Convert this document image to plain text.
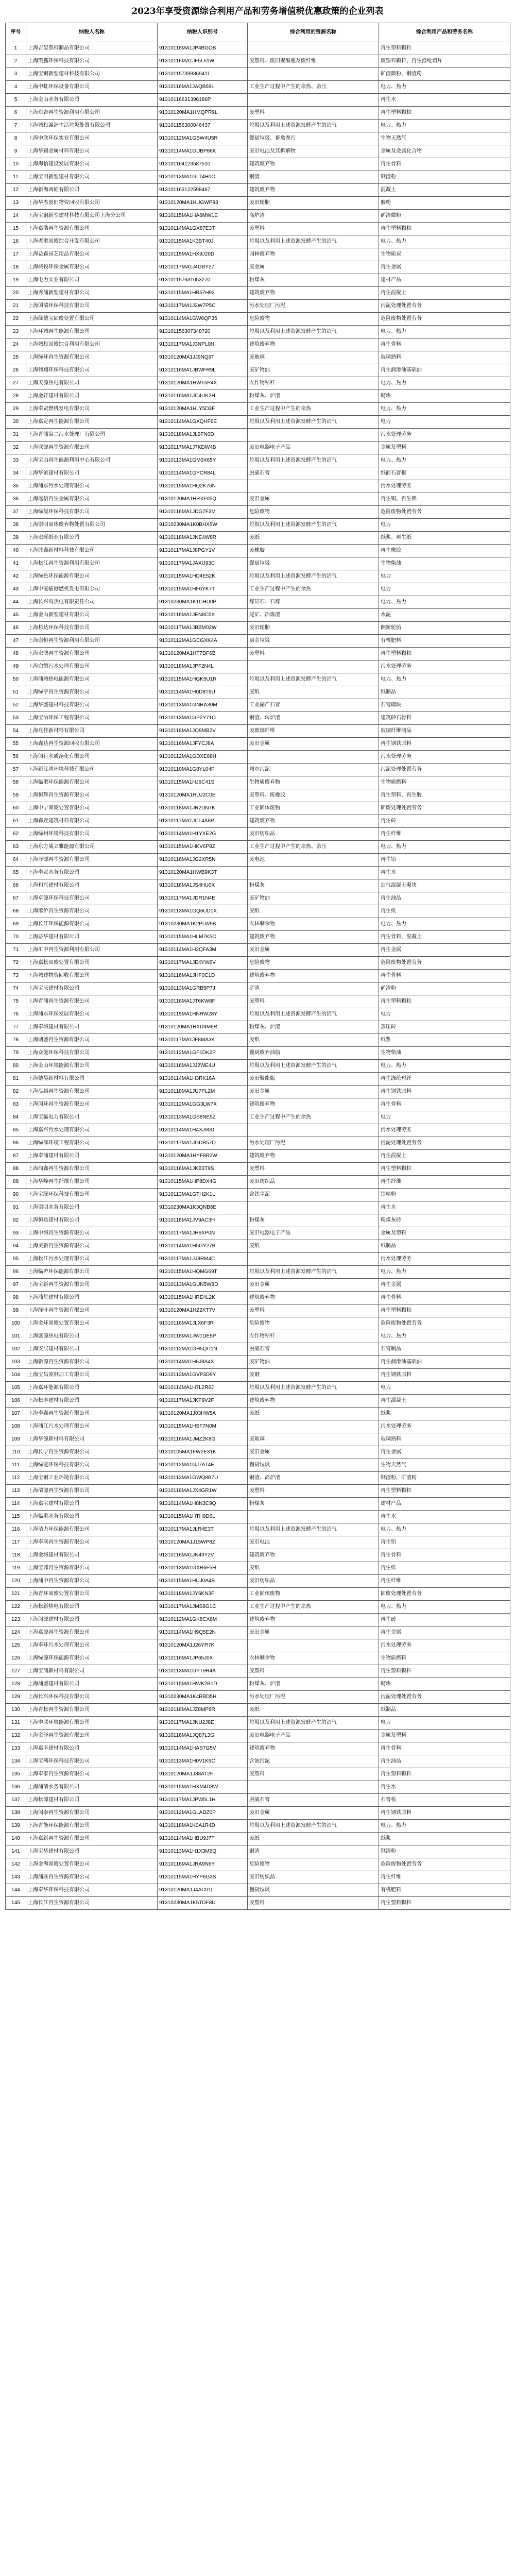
2023年享受资源综合利用产品和劳务增值税优惠政策的企业列表
序号	纳税人名称	纳税人识别号	综合利用的资源名称	综合利用产品和劳务名称
1	上海吉玺塑料制品有限公司	91310118MA1JP4BGOB		再生塑料颗粒
2	上海凯矗环保科技有限公司	91310116MA1JF5L61W	废塑料、废旧聚酯瓶及废纤维	废塑料颗粒、再生涤纶切片
3	上海宝钢新型建材科技有限公司	913101157398869411		矿渣微粉、钢渣粉
4	上海申虹环保设备有限公司	91310116MA1JAQB59L	工业生产过程中产生的余热、余压	电力、热力
5	上海金山水务有限公司	91310116631396186P		再生水
6	上海东吉再生资源利用有限公司	91310120MA1HMQPR9L	废塑料	再生塑料颗粒
7	上海城投瀛洲生活垃圾处置有限公司	913101156300046437	垃圾以及利用上述资源发酵产生的沼气	电力、热力
8	上海申欣环保实业有限公司	91310112MA1GBW4U5R	餐厨垃圾、畜禽粪污	生物天然气
9	上海华锡金属材料有限公司	91310114MA1GUBP86K	废旧电池及其拆解物	金属及金属化合物
10	上海海怡建设发展有限公司	913101164123587510	建筑废弃物	再生骨料
11	上海宝田新型建材有限公司	91310113MA1GLT4H0C	钢渣	钢渣粉
12	上海新海商砼有限公司	913101163122598467	建筑废弃物	混凝土
13	上海华杰废旧物资回收有限公司	91310120MA1HUGWP93	废旧轮胎	胶粉
14	上海宝钢新型建材科技有限公司上海分公司	91310115MA1HA6MW1E	高炉渣	矿渣微粉
15	上海嘉浩再生资源有限公司	91310114MA1GX87E3T	废塑料	再生塑料颗粒
16	上海老港固废综合开发有限公司	91310115MA1K3BT40J	垃圾以及利用上述资源发酵产生的沼气	电力、热力
17	上海益森园艺用品有限公司	91310115MA1HX9J20D	园林废弃物	生物质炭
18	上海城投环保金属有限公司	91310117MA1J4GBY27	废金属	再生金属
19	上海电力实业有限公司	913101157631053270	粉煤灰	建材产品
20	上海秀浦新型建材有限公司	91310115MA1HB57H92	建筑废弃物	再生混凝土
21	上海国清环保科技有限公司	91310117MA1J2W7P5C	污水处理厂污泥	污泥处理处置劳务
22	上海绿德宝固废处置有限公司	91310114MA1GW6QP35	危险废物	危险废物处置劳务
23	上海环城再生能源有限公司	913101156307348720	垃圾以及利用上述资源发酵产生的沼气	电力、热力
24	上海城投固废综合利用有限公司	91310117MA1J3NPL0H	建筑废弃物	再生骨料
25	上海绿环再生资源有限公司	91310120MA1JJ9NQ9T	废玻璃	玻璃熟料
26	上海伟翔环保科技有限公司	91310116MA1JBWFR9L	废矿物油	再生润滑油基础油
27	上海天源热电有限公司	91310120MA1HWT5P4X	农作物秸秆	电力、热力
28	上海金轩建材有限公司	91310116MA1JC4UK2H	粉煤灰、炉渣	砌块
29	上海奉贤燃机发电有限公司	91310120MA1HLY5D3F	工业生产过程中产生的余热	电力、热力
30	上海嘉定再生能源有限公司	91310114MA1GXQHF6E	垃圾以及利用上述资源发酵产生的沼气	电力
31	上海青浦第二污水处理厂有限公司	91310118MA1JL9FN0D		污水处理劳务
32	上海联源再生资源有限公司	91310117MA1J7KDW4B	废旧电器电子产品	金属及塑料
33	上海宝山再生能源利用中心有限公司	91310113MA1GM0X65Y	垃圾以及利用上述资源发酵产生的沼气	电力、热力
34	上海华谊建材有限公司	91310114MA1GYCR84L	脱硫石膏	纸面石膏板
35	上海浦东污水处理有限公司	91310115MA1HQ2K76N		污水处理劳务
36	上海远信再生金属有限公司	91310120MA1HRXF05Q	废旧金属	再生铜、再生铝
37	上海绿晟环保科技有限公司	91310116MA1JDG7F3M	危险废物	危险废物处置劳务
38	上海崇明固体废弃物处置有限公司	91310230MA1K0BHX5W	垃圾以及利用上述资源发酵产生的沼气	电力
39	上海宏晖纸业有限公司	91310118MA1JNE4W8R	废纸	纸浆、再生纸
40	上海胜鑫新材料科技有限公司	91310117MA1J8PGY1V	废橡胶	再生橡胶
41	上海松江再生资源利用有限公司	91310117MA1JAXU93C	餐厨垃圾	生物柴油
42	上海绿色环保能源有限公司	91310115MA1HD4E52K	垃圾以及利用上述资源发酵产生的沼气	电力
43	上海申能临港燃机发电有限公司	91310115MA1HF6YK7T	工业生产过程中产生的余热	电力
44	上海长兴岛热电有限责任公司	91310230MA1K1CHU0P	煤矸石、石煤	电力、热力
45	上海金山新型建材有限公司	91310116MA1JEN8C5X	尾矿、冶炼渣	水泥
46	上海杉达环保科技有限公司	91310117MA1JBBM02W	废旧轮胎	翻新轮胎
47	上海康恒再生资源利用有限公司	91310112MA1GCGXK4A	厨余垃圾	有机肥料
48	上海宏澳再生资源有限公司	91310120MA1HT7DF6B	废塑料	再生塑料颗粒
49	上海白鹤污水处理有限公司	91310118MA1JPF2N4L		污水处理劳务
50	上海浦城热电能源有限公司	91310115MA1HGK5U1R	垃圾以及利用上述资源发酵产生的沼气	电力、热力
51	上海绿宇再生资源有限公司	91310114MA1H0D8T9U	废纸	纸制品
52	上海华盛建材科技有限公司	91310113MA1GNRA30M	工业副产石膏	石膏砌块
53	上海宝冶环保工程有限公司	91310113MA1GP2Y71Q	钢渣、转炉渣	建筑砂石骨料
54	上海兆佳新材料有限公司	91310118MA1JQ9MB2V	废玻璃纤维	玻璃纤维制品
55	上海鑫达再生资源回收有限公司	91310116MA1JFYCJ8A	废旧金属	再生钢铁原料
56	上海闵行水质净化有限公司	91310112MA1GDXE68H		污水处理劳务
57	上海新江湾环境科技有限公司	91310110MA1G8YL04F	城市污泥	污泥处理处置劳务
58	上海临港环保能源有限公司	91310115MA1HJ6C41S	生物质废弃物	生物质燃料
59	上海恒辉再生资源有限公司	91310120MA1HUJ2C0E	废塑料、废橡胶	再生塑料、再生胶
60	上海申宁固废处置有限公司	91310118MA1JR2DN7K	工业固体废物	固废处理处置劳务
61	上海森垚建筑材料有限公司	91310117MA1JCL4A6P	建筑废弃物	再生砖
62	上海绿州环境科技有限公司	91310114MA1H1YXE2G	废旧纺织品	再生纤维
63	上海东方威立雅能源有限公司	91310115MA1HKV6P8Z	工业生产过程中产生的余热、余压	电力、热力
64	上海泽源再生资源有限公司	91310116MA1JG2XR5N	废电池	再生铅
65	上海奉贤水务有限公司	91310120MA1HWB9K3T		再生水
66	上海和兴建材有限公司	91310118MA1JS4HU0X	粉煤灰	加气混凝土砌块
67	上海卓源环保科技有限公司	91310117MA1JDR1N4E	废矿物油	再生油品
68	上海淞沪再生资源有限公司	91310113MA1GQ6UD1X	废纸	再生纸
69	上海长江环保能源有限公司	91310230MA1K2PLW9B	农林剩余物	电力、热力
70	上海益华建材有限公司	91310115MA1HLM7K5C	建筑废弃物	再生骨料、混凝土
71	上海汇中再生资源利用有限公司	91310114MA1H2QFA3M	废旧金属	再生金属
72	上海嘉松固废处置有限公司	91310117MA1JE4YW6V	危险废物	危险废物处置劳务
73	上海城建物资回收有限公司	91310116MA1JHF0C1D	建筑废弃物	再生骨料
74	上海宝庆建材有限公司	91310113MA1GRB5P7J	矿渣	矿渣粉
75	上海青浦再生资源有限公司	91310118MA1JT6KW8F	废塑料	再生塑料颗粒
76	上海浦东环保发展有限公司	91310115MA1HNRW28Y	垃圾以及利用上述资源发酵产生的沼气	电力
77	上海奉城建材有限公司	91310120MA1HXD3M6R	粉煤灰、炉渣	蒸压砖
78	上海鼎盛再生资源有限公司	91310117MA1JF8MA3K	废纸	纸浆
79	上海众能环保科技有限公司	91310112MA1GF1DK2P	餐厨废弃油脂	生物柴油
80	上海金山环境能源有限公司	91310116MA1JJ2WE4U	垃圾以及利用上述资源发酵产生的沼气	电力、热力
81	上海德昊新材料有限公司	91310114MA1H3RK16A	废旧聚酯瓶	再生涤纶短纤
82	上海泓裕再生资源有限公司	91310118MA1JU7PL2M	废旧金属	再生钢铁原料
83	上海闵环再生资源有限公司	91310112MA1GG3LW7X	建筑废弃物	再生骨料
84	上海宝临电力有限公司	91310113MA1GS8NE5Z	工业生产过程中产生的余热	电力
85	上海嘉兴污水处理有限公司	91310114MA1H4XJ90D		污水处理劳务
86	上海绿泽环境工程有限公司	91310117MA1JGDB57Q	污水处理厂污泥	污泥处理处置劳务
87	上海奉浦建材有限公司	91310120MA1HYF8R2W	建筑废弃物	再生混凝土
88	上海润鑫再生资源有限公司	91310116MA1JKB3T9S	废塑料	再生塑料颗粒
89	上海华峰再生纤维有限公司	91310115MA1HP8DX4G	废旧纺织品	再生纤维
90	上海宝绿环保科技有限公司	91310113MA1GTH2K1L	含铁尘泥	铁精粉
91	上海崇明水务有限公司	91310230MA1K3QNB6E		再生水
92	上海恒达建材有限公司	91310118MA1JV9AC3H	粉煤灰	粉煤灰砖
93	上海申城再生资源有限公司	91310117MA1JH6XP0N	废旧电器电子产品	金属及塑料
94	上海美新再生资源有限公司	91310114MA1H5GY27B	废纸	纸制品
95	上海松江污水处理有限公司	91310117MA1JJ8RM4C		污水处理劳务
96	上海临沪环保能源有限公司	91310115MA1HQMG69T	垃圾以及利用上述资源发酵产生的沼气	电力、热力
97	上海宝新再生资源有限公司	91310113MA1GUN5W8D	废旧金属	再生金属
98	上海浦星建材有限公司	91310115MA1HRE4L2K	建筑废弃物	再生骨料
99	上海绿叶再生资源有限公司	91310120MA1HZ2KT7V	废塑料	再生塑料颗粒
100	上海金环固废处置有限公司	91310116MA1JLX6F3R	危险废物	危险废物处置劳务
101	上海盛源热电有限公司	91310118MA1JW1DE5P	农作物秸秆	电力、热力
102	上海安居建材有限公司	91310112MA1GH5QU1N	脱硫石膏	石膏制品
103	上海新源再生资源有限公司	91310114MA1H6J8A4X	废矿物油	再生润滑油基础油
104	上海宝昌废钢加工有限公司	91310113MA1GVP3D9Y	废钢	再生钢铁原料
105	上海嘉环能源有限公司	91310114MA1H7L2R6J	垃圾以及利用上述资源发酵产生的沼气	电力
106	上海松丰建材有限公司	91310117MA1JKP9V2F	建筑废弃物	再生混凝土
107	上海奉鑫再生资源有限公司	91310120MA1J03HW5A	废纸	纸浆
108	上海浦江污水处理有限公司	91310115MA1HSF7N0M		污水处理劳务
109	上海华源新材料有限公司	91310116MA1JMZ2K8G	废玻璃	玻璃熟料
110	上海长宁再生资源有限公司	91310105MA1FW2E31K	废旧金属	再生金属
111	上海绿能环保科技有限公司	91310112MA1GJ7AT4E	餐厨垃圾	生物天然气
112	上海宝钢工业环境有限公司	91310113MA1GWQ8B7U	钢渣、高炉渣	钢渣粉、矿渣粉
113	上海清源再生资源有限公司	91310118MA1JX4GR1W	废塑料	再生塑料颗粒
114	上海嘉宝建材有限公司	91310114MA1H8N3C9Q	粉煤灰	建材产品
115	上海临港水务有限公司	91310115MA1HTH9D6L		再生水
116	上海洁力环保能源有限公司	91310117MA1JLR4E3T	垃圾以及利用上述资源发酵产生的沼气	电力、热力
117	上海奉联再生资源有限公司	91310120MA1J15WP8Z	废旧电池	再生铅
118	上海金城建材有限公司	91310116MA1JN43Y2V	建筑废弃物	再生骨料
119	上海宝邦再生资源有限公司	91310113MA1GXR6F5H	废纸	再生纸
120	上海浦申再生资源有限公司	91310115MA1HUJ0A4B	废旧纺织品	再生纤维
121	上海青环固废处置有限公司	91310118MA1JY6KN3F	工业固体废物	固废处理处置劳务
122	上海松新热电有限公司	91310117MA1JMS8G1C	工业生产过程中产生的余热	电力、热力
123	上海闵源建材有限公司	91310112MA1GK8CX6M	建筑废弃物	再生砖
124	上海嘉源再生资源有限公司	91310114MA1H9Q5E2N	废旧金属	再生金属
125	上海奉环污水处理有限公司	91310120MA1J26YR7K		污水处理劳务
126	上海绿源环保能源有限公司	91310116MA1JP65J0X	农林剩余物	生物质燃料
127	上海宝润新材料有限公司	91310113MA1GYT9H4A	废塑料	再生塑料颗粒
128	上海浦盛建材有限公司	91310115MA1HWK2B1D	粉煤灰、炉渣	砌块
129	上海长兴环保科技有限公司	91310230MA1K4RBD5H	污水处理厂污泥	污泥处理处置劳务
130	上海青松再生资源有限公司	91310118MA1JZ8MP6R	废纸	纸制品
131	上海申联环境能源有限公司	91310117MA1JNU2J8E	垃圾以及利用上述资源发酵产生的沼气	电力
132	上海金泽再生资源有限公司	91310116MA1JQ87L3G	废旧电器电子产品	金属及塑料
133	上海嘉丰建材有限公司	91310114MA1HAS7G5V	建筑废弃物	再生骨料
134	上海宝利环保科技有限公司	91310113MA1H0V1K9C	含油污泥	再生油品
135	上海奉泰再生资源有限公司	91310120MA1J38AT2F	废塑料	再生塑料颗粒
136	上海浦清水务有限公司	91310115MA1HXM4D8W		再生水
137	上海松源建材有限公司	91310117MA1JPW5L1H	脱硫石膏	石膏板
138	上海闵泰再生资源有限公司	91310112MA1GLADZ0P	废旧金属	再生钢铁原料
139	上海青能环保能源有限公司	91310118MA1K0A1R4D	垃圾以及利用上述资源发酵产生的沼气	电力、热力
140	上海嘉新再生资源有限公司	91310114MA1HBU9J7T	废纸	纸浆
141	上海宝华建材有限公司	91310113MA1H1X3M2Q	钢渣	钢渣粉
142	上海金海固废处置有限公司	91310116MA1JRA9N6Y	危险废物	危险废物处置劳务
143	上海浦联再生资源有限公司	91310115MA1HYP6G3S	废旧纺织品	再生纤维
144	上海奉华环保科技有限公司	91310120MA1J4AC01L	餐厨垃圾	有机肥料
145	上海长江再生资源有限公司	91310230MA1K5TDF8U	废塑料	再生塑料颗粒
